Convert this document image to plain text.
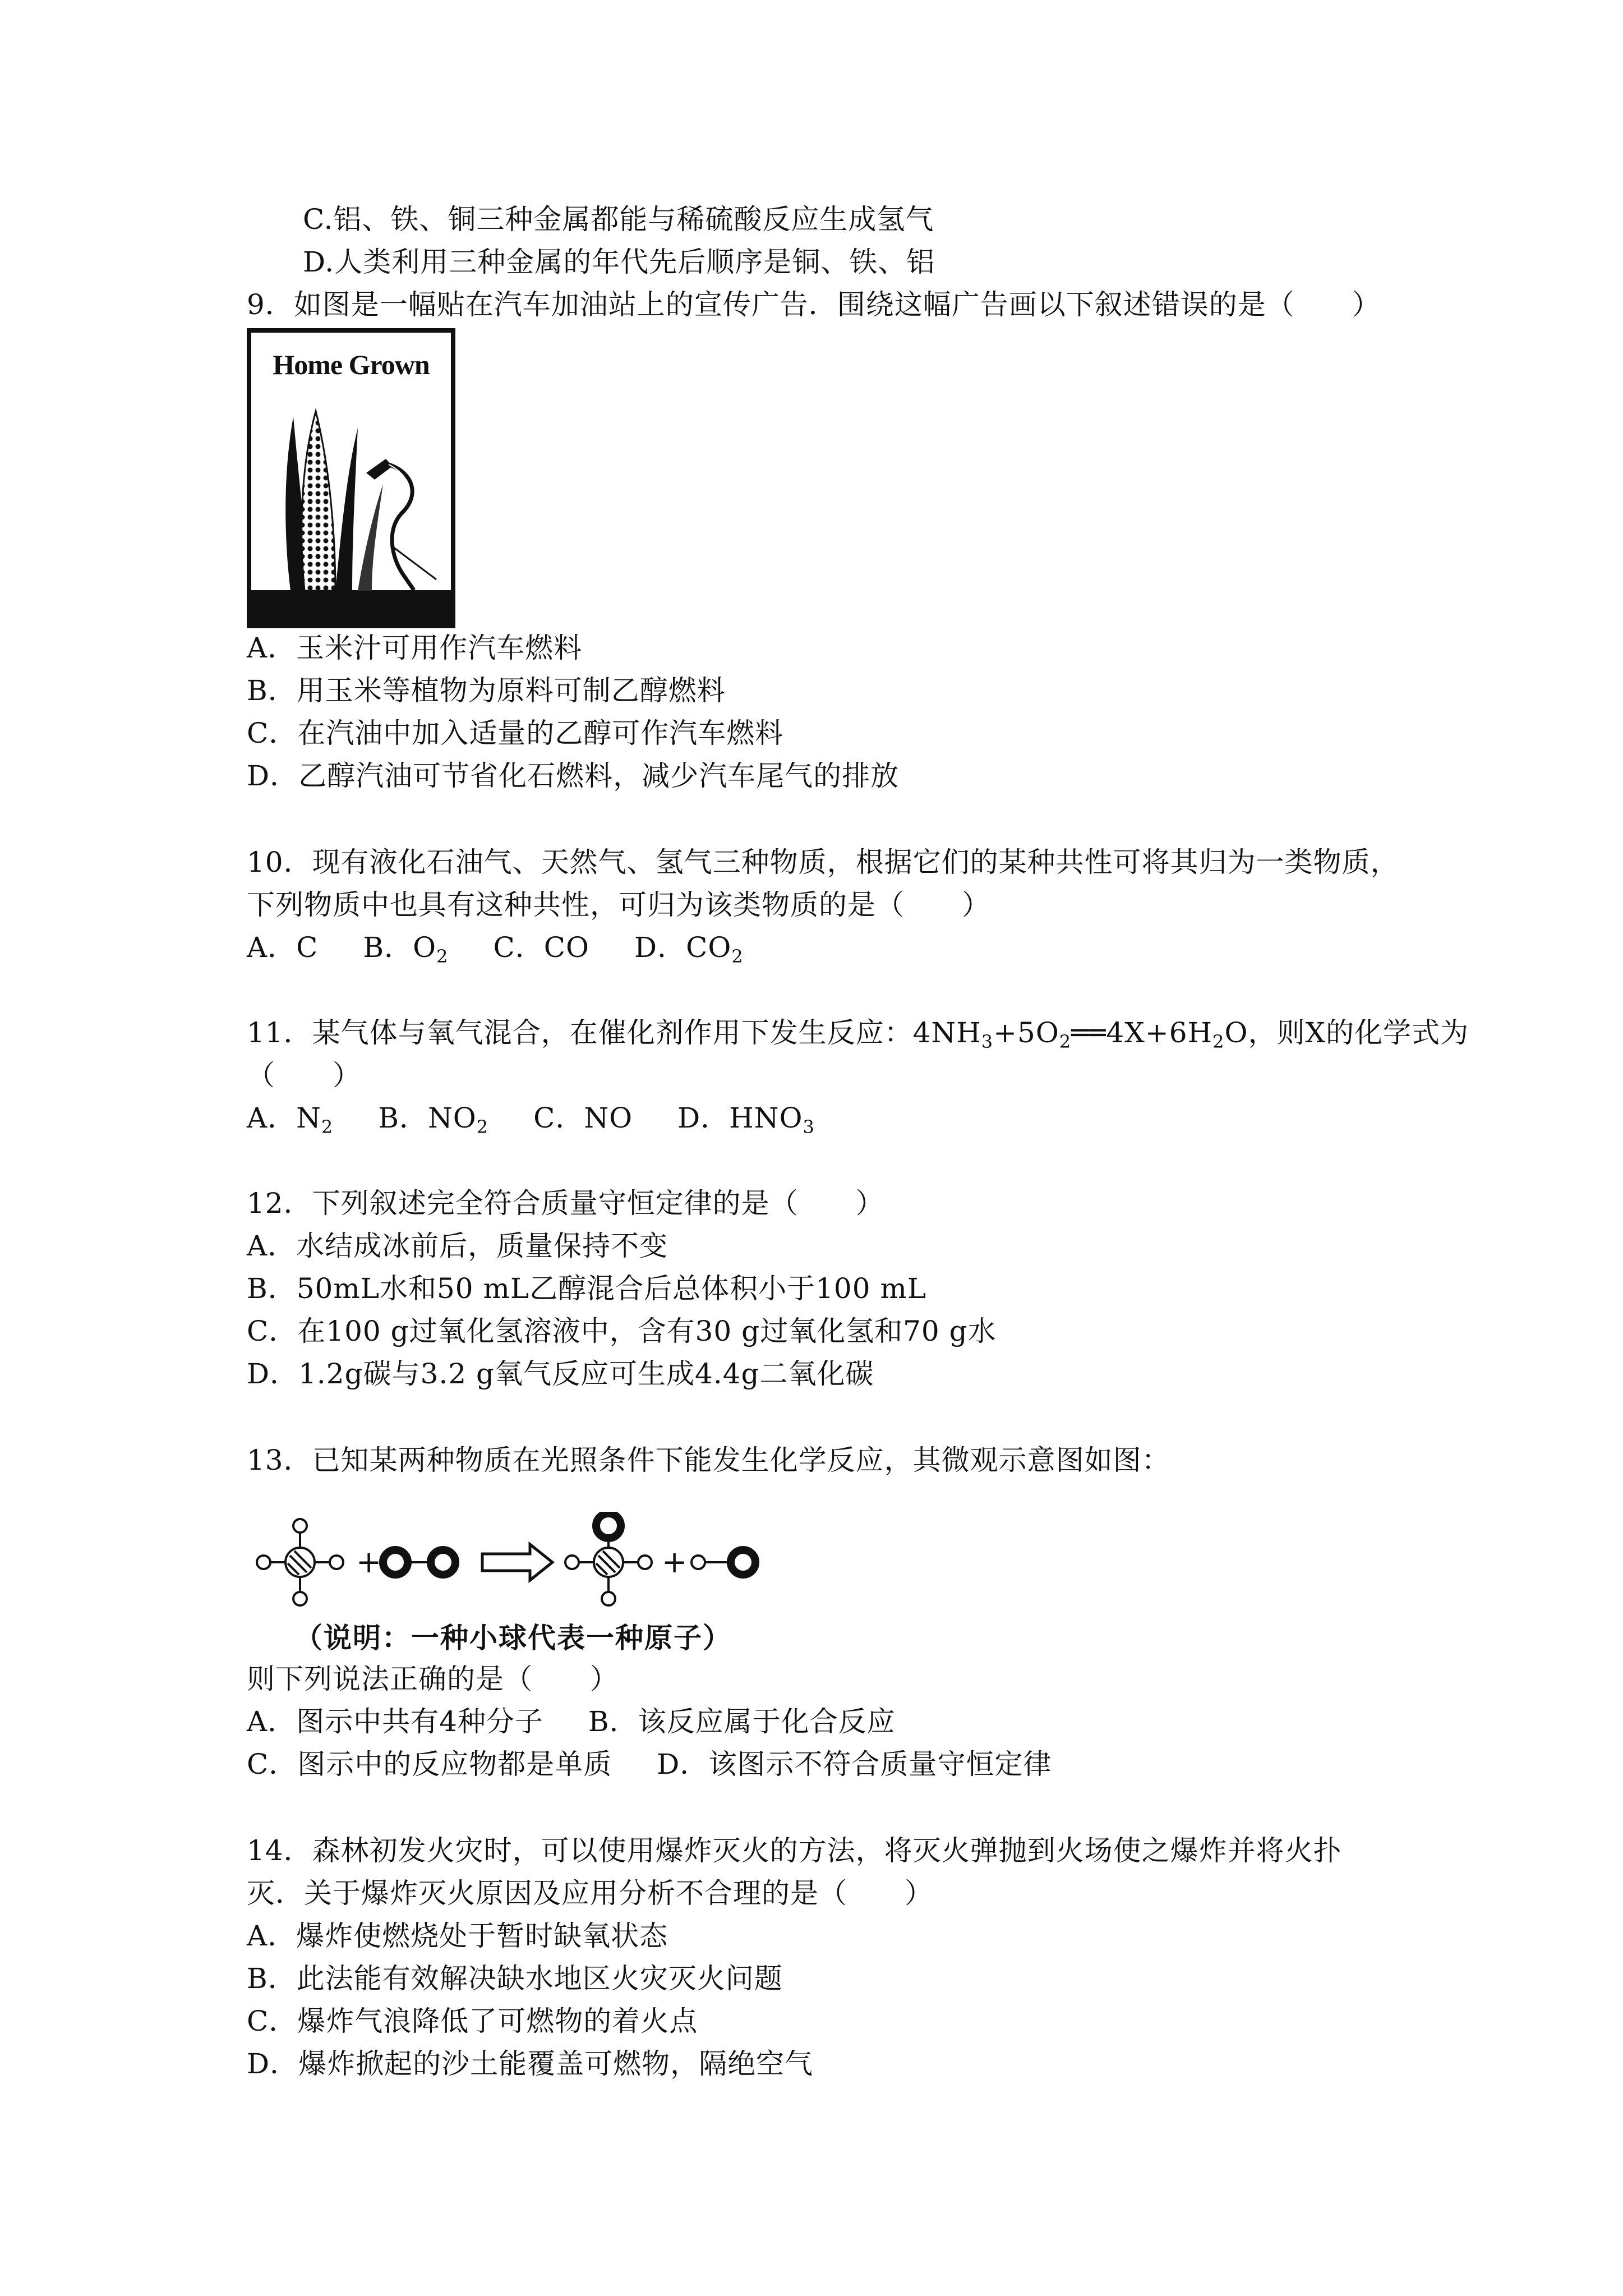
C.铝、铁、铜三种金属都能与稀硫酸反应生成氢气
D.人类利用三种金属的年代先后顺序是铜、铁、铝
9．如图是一幅贴在汽车加油站上的宣传广告．围绕这幅广告画以下叙述错误的是（　　）
Home Grown
A．玉米汁可用作汽车燃料
B．用玉米等植物为原料可制乙醇燃料
C．在汽油中加入适量的乙醇可作汽车燃料
D．乙醇汽油可节省化石燃料，减少汽车尾气的排放
10．现有液化石油气、天然气、氢气三种物质，根据它们的某种共性可将其归为一类物质，
下列物质中也具有这种共性，可归为该类物质的是（　　）
A．C B．$O_2$ C．CO D．$CO_2$
11．某气体与氧气混合，在催化剂作用下发生反应：$4NH_3+5O_2══4X+6H_2O$，则X的化学式为
（　　）
A．$N_2$ B．$NO_2$ C．NO D．$HNO_3$
12．下列叙述完全符合质量守恒定律的是（　　）
A．水结成冰前后，质量保持不变
B．50mL水和50 mL乙醇混合后总体积小于100 mL
C．在100 g过氧化氢溶液中，含有30 g过氧化氢和70 g水
D．1.2g碳与3.2 g氧气反应可生成4.4g二氧化碳
13．已知某两种物质在光照条件下能发生化学反应，其微观示意图如图：
+	+
（说明：一种小球代表一种原子）
则下列说法正确的是（　　）
A．图示中共有4种分子 B．该反应属于化合反应
C．图示中的反应物都是单质 D．该图示不符合质量守恒定律
14．森林初发火灾时，可以使用爆炸灭火的方法，将灭火弹抛到火场使之爆炸并将火扑
灭．关于爆炸灭火原因及应用分析不合理的是（　　）
A．爆炸使燃烧处于暂时缺氧状态
B．此法能有效解决缺水地区火灾灭火问题
C．爆炸气浪降低了可燃物的着火点
D．爆炸掀起的沙土能覆盖可燃物，隔绝空气
